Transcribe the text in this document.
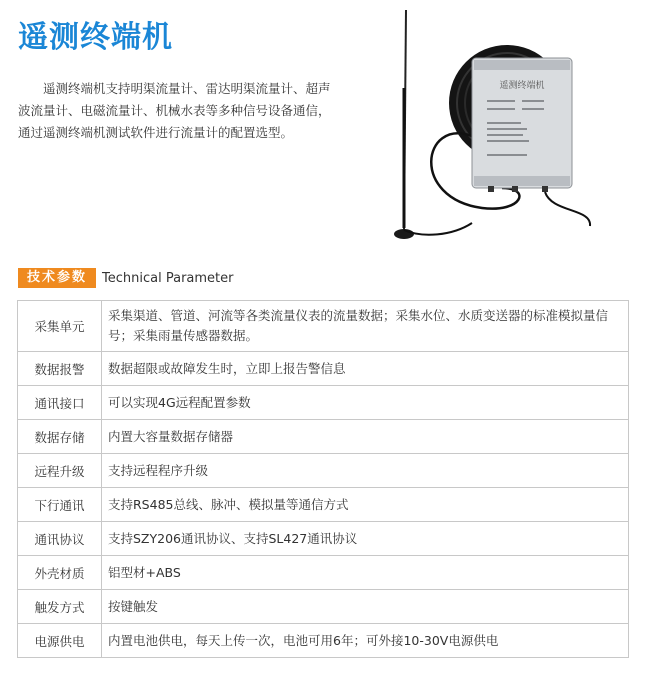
遥测终端机
遥测终端机支持明渠流量计、雷达明渠流量计、超声波流量计、电磁流量计、机械水表等多种信号设备通信，通过遥测终端机测试软件进行流量计的配置选型。
遥测终端机
技术参数	Technical Parameter
采集单元	采集渠道、管道、河流等各类流量仪表的流量数据；采集水位、水质变送器的标准模拟量信号；采集雨量传感器数据。
数据报警	数据超限或故障发生时，立即上报告警信息
通讯接口	可以实现4G远程配置参数
数据存储	内置大容量数据存储器
远程升级	支持远程程序升级
下行通讯	支持RS485总线、脉冲、模拟量等通信方式
通讯协议	支持SZY206通讯协议、支持SL427通讯协议
外壳材质	铝型材+ABS
触发方式	按键触发
电源供电	内置电池供电，每天上传一次，电池可用6年；可外接10-30V电源供电
